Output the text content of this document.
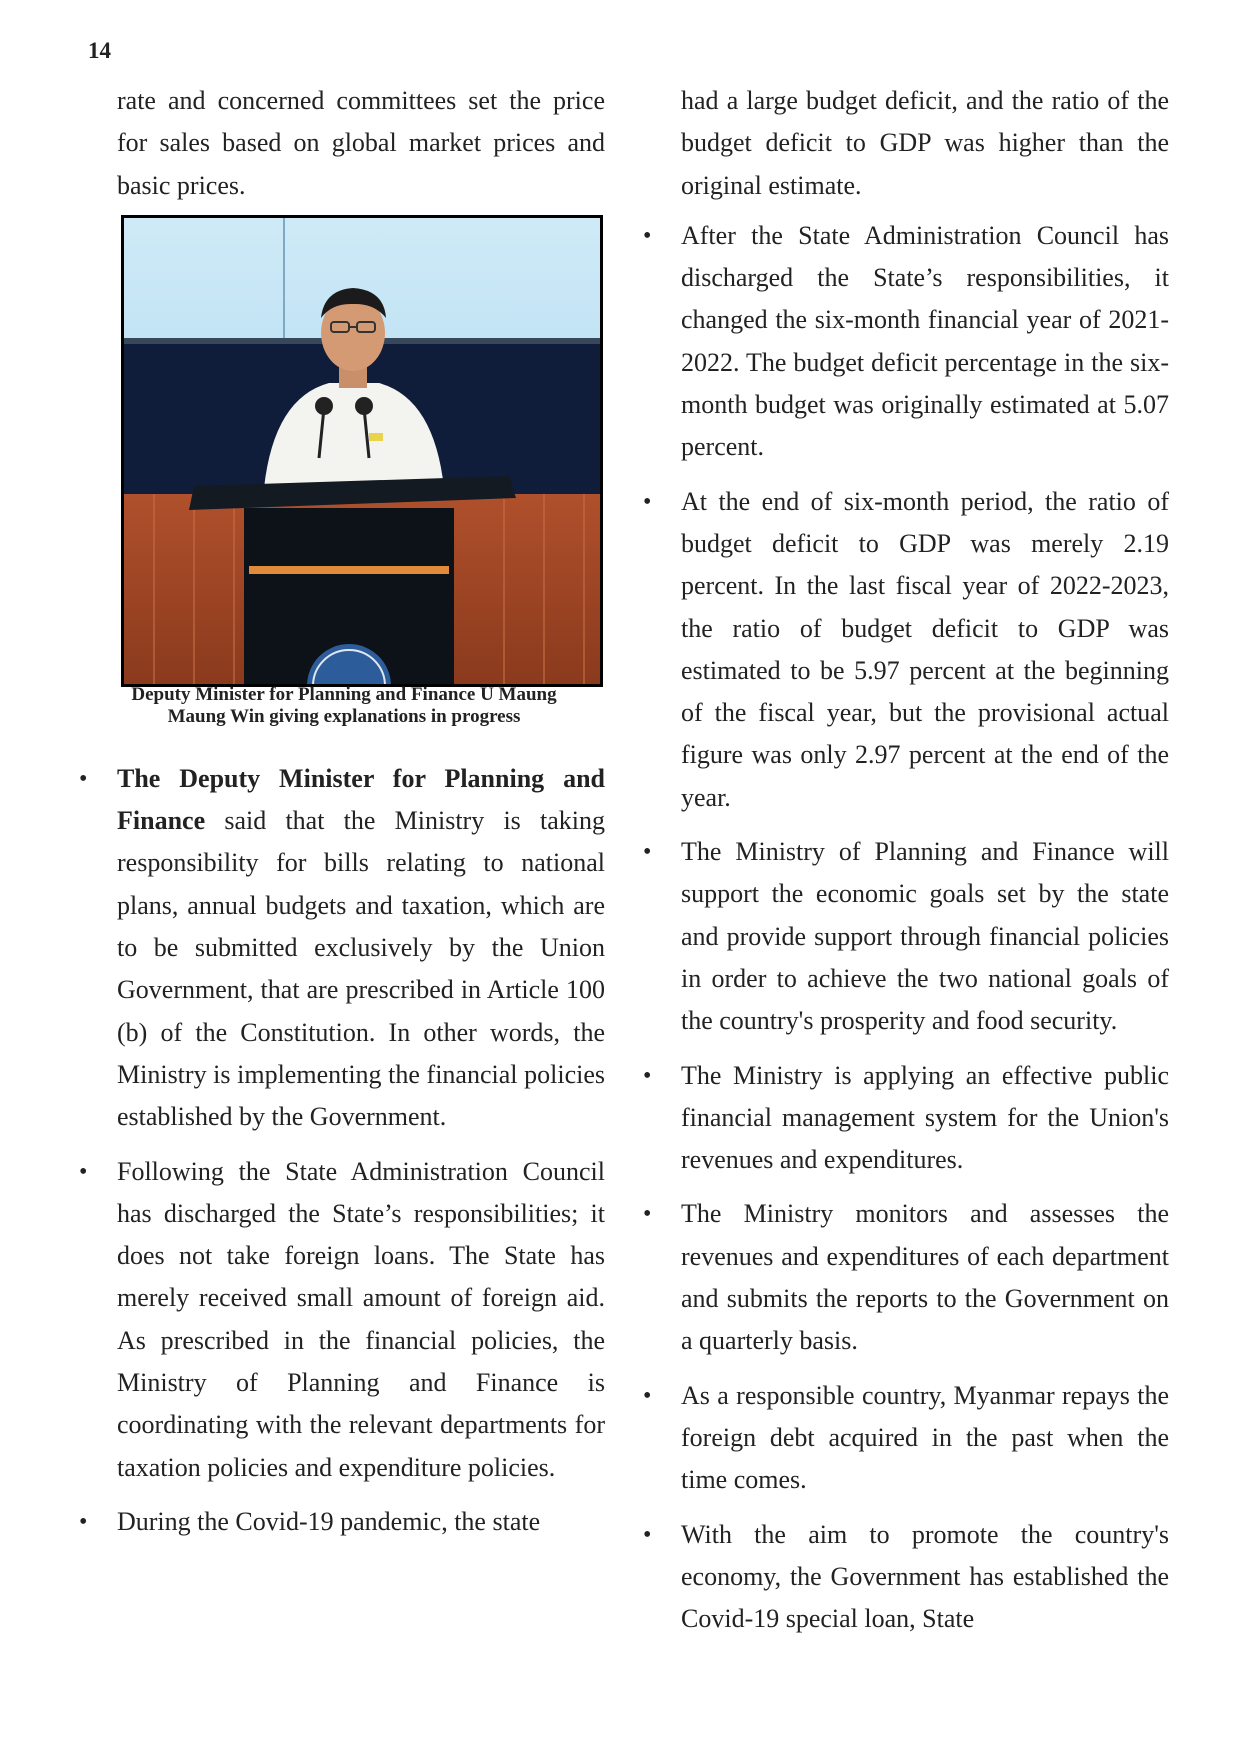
14

rate and concerned committees set the price for sales based on global market prices and basic prices.

• The Deputy Minister for Planning and Finance said that the Ministry is taking responsibility for bills relating to national plans, annual budgets and taxation, which are to be submitted exclusively by the Union Government, that are prescribed in Article 100 (b) of the Constitution. In other words, the Ministry is implementing the financial policies established by the Government.

• Following the State Administration Council has discharged the State’s responsibilities; it does not take foreign loans. The State has merely received small amount of foreign aid. As prescribed in the financial policies, the Ministry of Planning and Finance is coordinating with the relevant departments for taxation policies and expenditure policies.

• During the Covid-19 pandemic, the state

Deputy Minister for Planning and Finance U Maung
Maung Win giving explanations in progress

had a large budget deficit, and the ratio of the budget deficit to GDP was higher than the original estimate.

• After the State Administration Council has discharged the State’s responsibilities, it changed the six-month financial year of 2021-2022. The budget deficit percentage in the six-month budget was originally estimated at 5.07 percent.

• At the end of six-month period, the ratio of budget deficit to GDP was merely 2.19 percent. In the last fiscal year of 2022-2023, the ratio of budget deficit to GDP was estimated to be 5.97 percent at the beginning of the fiscal year, but the provisional actual figure was only 2.97 percent at the end of the year.

• The Ministry of Planning and Finance will support the economic goals set by the state and provide support through financial policies in order to achieve the two national goals of the country's prosperity and food security.

• The Ministry is applying an effective public financial management system for the Union's revenues and expenditures.

• The Ministry monitors and assesses the revenues and expenditures of each department and submits the reports to the Government on a quarterly basis.

• As a responsible country, Myanmar repays the foreign debt acquired in the past when the time comes.

• With the aim to promote the country's economy, the Government has established the Covid-19 special loan, State
